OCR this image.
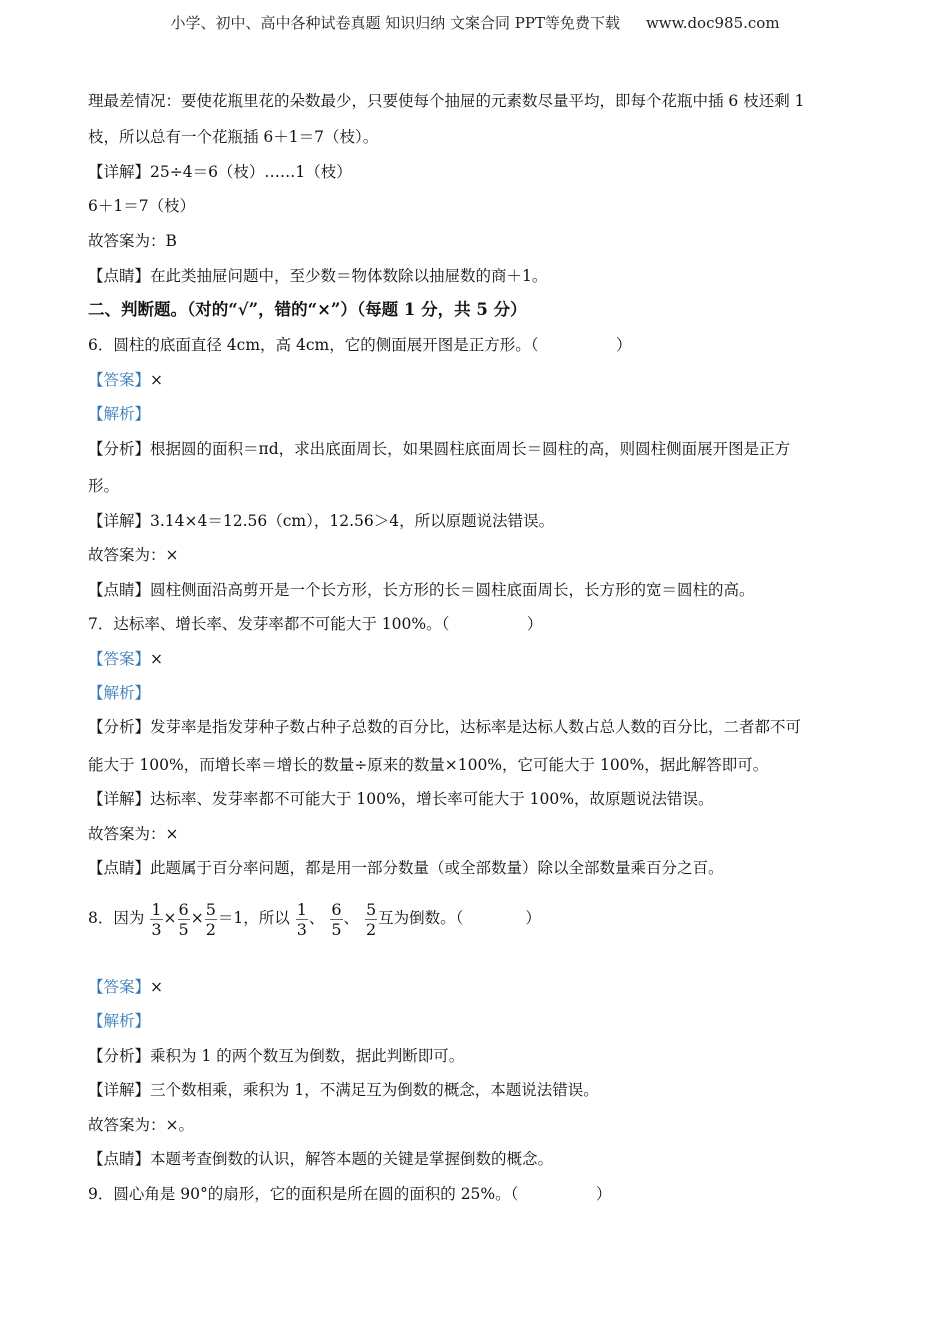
小学、初中、高中各种试卷真题 知识归纳 文案合同 PPT等免费下载 www.doc985.com
理最差情况：要使花瓶里花的朵数最少，只要使每个抽屉的元素数尽量平均，即每个花瓶中插 6 枝还剩 1
枝，所以总有一个花瓶插 6＋1＝7（枝）。
【详解】25÷4＝6（枝）……1（枝）
6＋1＝7（枝）
故答案为：B
【点睛】在此类抽屉问题中，至少数＝物体数除以抽屉数的商＋1。
二、判断题。（对的“√”，错的“×”）（每题 1 分，共 5 分）
6．圆柱的底面直径 4cm，高 4cm，它的侧面展开图是正方形。（　　　　　）
【答案】×
【解析】
【分析】根据圆的面积＝πd，求出底面周长，如果圆柱底面周长＝圆柱的高，则圆柱侧面展开图是正方
形。
【详解】3.14×4＝12.56（cm），12.56＞4，所以原题说法错误。
故答案为：×
【点睛】圆柱侧面沿高剪开是一个长方形，长方形的长＝圆柱底面周长，长方形的宽＝圆柱的高。
7．达标率、增长率、发芽率都不可能大于 100%。（　　　　　）
【答案】×
【解析】
【分析】发芽率是指发芽种子数占种子总数的百分比，达标率是达标人数占总人数的百分比，二者都不可
能大于 100%，而增长率＝增长的数量÷原来的数量×100%，它可能大于 100%，据此解答即可。
【详解】达标率、发芽率都不可能大于 100%，增长率可能大于 100%，故原题说法错误。
故答案为：×
【点睛】此题属于百分率问题，都是用一部分数量（或全部数量）除以全部数量乘百分之百。
8．因为 $\frac{1}{3} \times \frac{6}{5} \times \frac{5}{2} =1$，所以 $\frac{1}{3}$ 、 $\frac{6}{5}$ 、 $\frac{5}{2}$ 互为倒数。（　　　　）
【答案】×
【解析】
【分析】乘积为 1 的两个数互为倒数，据此判断即可。
【详解】三个数相乘，乘积为 1，不满足互为倒数的概念，本题说法错误。
故答案为：×。
【点睛】本题考查倒数的认识，解答本题的关键是掌握倒数的概念。
9．圆心角是 90°的扇形，它的面积是所在圆的面积的 25%。（　　　　　）
